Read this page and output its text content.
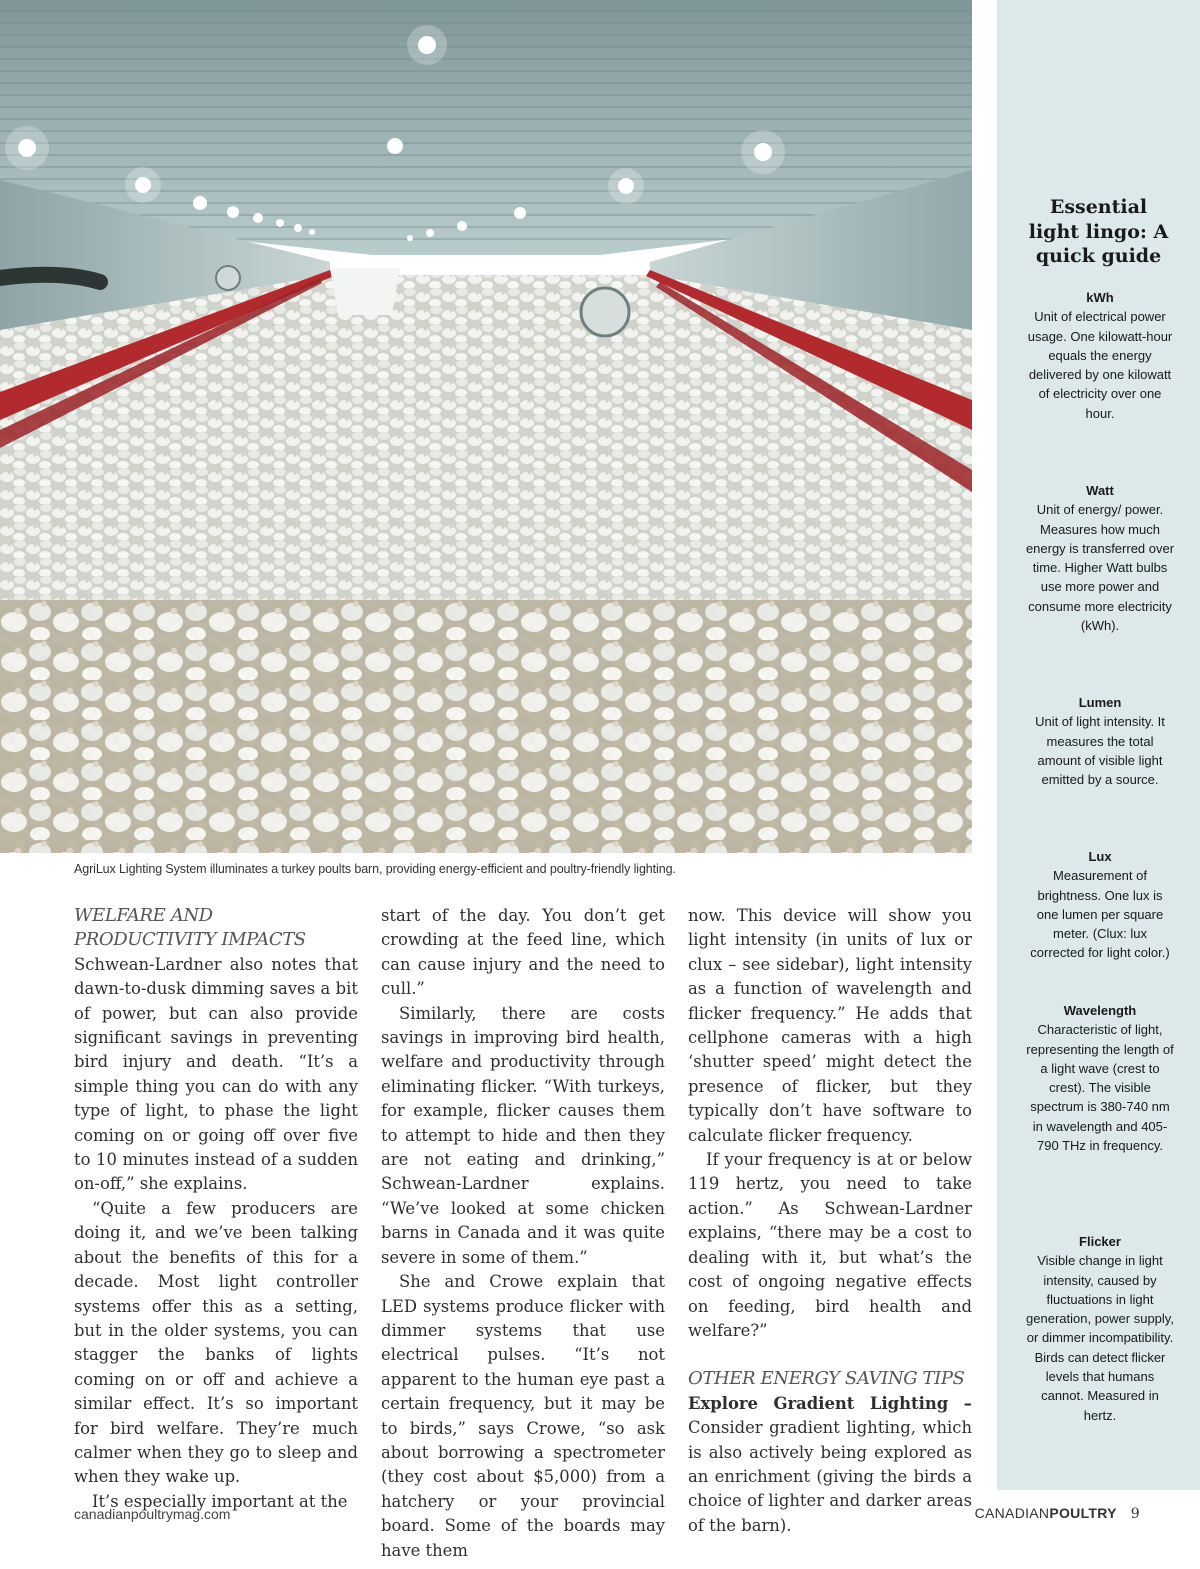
AgriLux Lighting System illuminates a turkey poults barn, providing energy-efficient and poultry-friendly lighting.

WELFARE AND
PRODUCTIVITY IMPACTS

Schwean-Lardner also notes that dawn-to-dusk dimming saves a bit of power, but can also provide significant savings in preventing bird injury and death. “It’s a simple thing you can do with any type of light, to phase the light coming on or going off over five to 10 minutes instead of a sudden on-off,” she explains.

“Quite a few producers are doing it, and we’ve been talking about the benefits of this for a decade. Most light controller systems offer this as a setting, but in the older systems, you can stagger the banks of lights coming on or off and achieve a similar effect. It’s so important for bird welfare. They’re much calmer when they go to sleep and when they wake up.

It’s especially important at the

start of the day. You don’t get crowding at the feed line, which can cause injury and the need to cull.”

Similarly, there are costs savings in improving bird health, welfare and productivity through eliminating flicker. “With turkeys, for example, flicker causes them to attempt to hide and then they are not eating and drinking,” Schwean-Lardner explains. “We’ve looked at some chicken barns in Canada and it was quite severe in some of them.”

She and Crowe explain that LED systems produce flicker with dimmer systems that use electrical pulses. “It’s not apparent to the human eye past a certain frequency, but it may be to birds,” says Crowe, “so ask about borrowing a spectrometer (they cost about $5,000) from a hatchery or your provincial board. Some of the boards may have them

now. This device will show you light intensity (in units of lux or clux – see sidebar), light intensity as a function of wavelength and flicker frequency.” He adds that cellphone cameras with a high ‘shutter speed’ might detect the presence of flicker, but they typically don’t have software to calculate flicker frequency.

If your frequency is at or below 119 hertz, you need to take action.” As Schwean-Lardner explains, “there may be a cost to dealing with it, but what’s the cost of ongoing negative effects on feeding, bird health and welfare?”

OTHER ENERGY SAVING TIPS

Explore Gradient Lighting – Consider gradient lighting, which is also actively being explored as an enrichment (giving the birds a choice of lighter and darker areas of the barn).

Essential
light lingo: A
quick guide
kWh
Unit of electrical power usage. One kilowatt-hour equals the energy delivered by one kilowatt of electricity over one hour.
Watt
Unit of energy/ power. Measures how much energy is transferred over time. Higher Watt bulbs use more power and consume more electricity (kWh).
Lumen
Unit of light intensity. It measures the total amount of visible light emitted by a source.
Lux
Measurement of brightness. One lux is one lumen per square meter. (Clux: lux corrected for light color.)
Wavelength
Characteristic of light, representing the length of a light wave (crest to crest). The visible spectrum is 380-740 nm in wavelength and 405-790 THz in frequency.
Flicker
Visible change in light intensity, caused by fluctuations in light generation, power supply, or dimmer incompatibility. Birds can detect flicker levels that humans cannot. Measured in hertz.
canadianpoultrymag.com	CANADIANPOULTRY 9
